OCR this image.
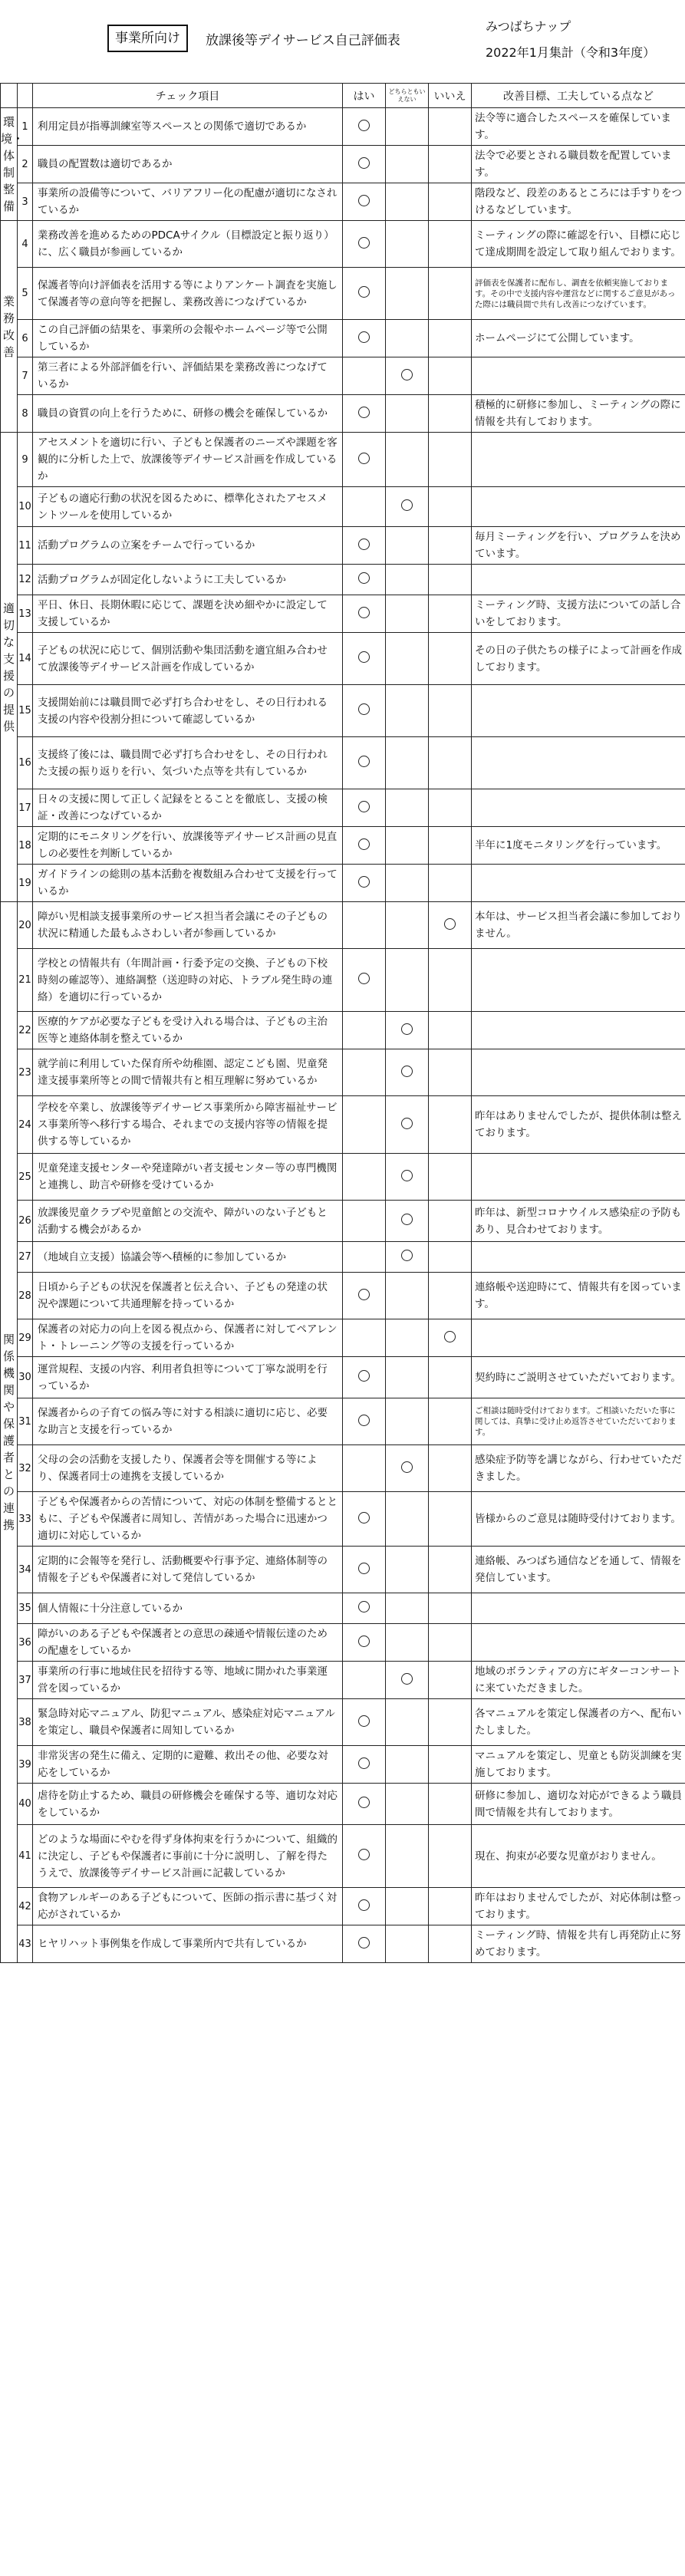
事業所向け	放課後等デイサービス自己評価表
みつばちナップ
2022年1月集計（令和3年度）
		チェック項目	はい	どちらともいえない	いいえ	改善目標、工夫している点など
環境・体制整備	1	利用定員が指導訓練室等スペースとの関係で適切であるか				法令等に適合したスペースを確保しています。
	2	職員の配置数は適切であるか				法令で必要とされる職員数を配置しています。
	3	事業所の設備等について、バリアフリー化の配慮が適切になされているか				階段など、段差のあるところには手すりをつけるなどしています。
業務改善	4	業務改善を進めるためのPDCAサイクル（目標設定と振り返り）に、広く職員が参画しているか				ミーティングの際に確認を行い、目標に応じて達成期間を設定して取り組んでおります。
	5	保護者等向け評価表を活用する等によりアンケート調査を実施して保護者等の意向等を把握し、業務改善につなげているか				評価表を保護者に配布し、調査を依頼実施しております。その中で支援内容や運営などに関するご意見があった際には職員間で共有し改善につなげています。
	6	この自己評価の結果を、事業所の会報やホームページ等で公開しているか				ホームページにて公開しています。
	7	第三者による外部評価を行い、評価結果を業務改善につなげているか				
	8	職員の資質の向上を行うために、研修の機会を確保しているか				積極的に研修に参加し、ミーティングの際に情報を共有しております。
適切な支援の提供	9	アセスメントを適切に行い、子どもと保護者のニーズや課題を客観的に分析した上で、放課後等デイサービス計画を作成しているか				
	10	子どもの適応行動の状況を図るために、標準化されたアセスメントツールを使用しているか				
	11	活動プログラムの立案をチームで行っているか				毎月ミーティングを行い、プログラムを決めています。
	12	活動プログラムが固定化しないように工夫しているか				
	13	平日、休日、長期休暇に応じて、課題を決め細やかに設定して支援しているか				ミーティング時、支援方法についての話し合いをしております。
	14	子どもの状況に応じて、個別活動や集団活動を適宜組み合わせて放課後等デイサービス計画を作成しているか				その日の子供たちの様子によって計画を作成しております。
	15	支援開始前には職員間で必ず打ち合わせをし、その日行われる支援の内容や役割分担について確認しているか				
	16	支援終了後には、職員間で必ず打ち合わせをし、その日行われた支援の振り返りを行い、気づいた点等を共有しているか				
	17	日々の支援に関して正しく記録をとることを徹底し、支援の検証・改善につなげているか				
	18	定期的にモニタリングを行い、放課後等デイサービス計画の見直しの必要性を判断しているか				半年に1度モニタリングを行っています。
	19	ガイドラインの総則の基本活動を複数組み合わせて支援を行っているか				
関係機関や保護者との連携	20	障がい児相談支援事業所のサービス担当者会議にその子どもの状況に精通した最もふさわしい者が参画しているか				本年は、サービス担当者会議に参加しておりません。
	21	学校との情報共有（年間計画・行委予定の交換、子どもの下校時刻の確認等）、連絡調整（送迎時の対応、トラブル発生時の連絡）を適切に行っているか				
	22	医療的ケアが必要な子どもを受け入れる場合は、子どもの主治医等と連絡体制を整えているか				
	23	就学前に利用していた保育所や幼稚園、認定こども園、児童発達支援事業所等との間で情報共有と相互理解に努めているか				
	24	学校を卒業し、放課後等デイサービス事業所から障害福祉サービス事業所等へ移行する場合、それまでの支援内容等の情報を提供する等しているか				昨年はありませんでしたが、提供体制は整えております。
	25	児童発達支援センターや発達障がい者支援センター等の専門機関と連携し、助言や研修を受けているか				
	26	放課後児童クラブや児童館との交流や、障がいのない子どもと活動する機会があるか				昨年は、新型コロナウイルス感染症の予防もあり、見合わせております。
	27	（地域自立支援）協議会等へ積極的に参加しているか				
	28	日頃から子どもの状況を保護者と伝え合い、子どもの発達の状況や課題について共通理解を持っているか				連絡帳や送迎時にて、情報共有を図っています。
	29	保護者の対応力の向上を図る視点から、保護者に対してペアレント・トレーニング等の支援を行っているか				
	30	運営規程、支援の内容、利用者負担等について丁寧な説明を行っているか				契約時にご説明させていただいております。
	31	保護者からの子育ての悩み等に対する相談に適切に応じ、必要な助言と支援を行っているか				ご相談は随時受付けております。ご相談いただいた事に関しては、真摯に受け止め返答させていただいております。
	32	父母の会の活動を支援したり、保護者会等を開催する等により、保護者同士の連携を支援しているか				感染症予防等を講じながら、行わせていただきました。
	33	子どもや保護者からの苦情について、対応の体制を整備するとともに、子どもや保護者に周知し、苦情があった場合に迅速かつ適切に対応しているか				皆様からのご意見は随時受付けております。
	34	定期的に会報等を発行し、活動概要や行事予定、連絡体制等の情報を子どもや保護者に対して発信しているか				連絡帳、みつばち通信などを通して、情報を発信しています。
	35	個人情報に十分注意しているか				
	36	障がいのある子どもや保護者との意思の疎通や情報伝達のための配慮をしているか				
	37	事業所の行事に地域住民を招待する等、地域に開かれた事業運営を図っているか				地域のボランティアの方にギターコンサートに来ていただきました。
	38	緊急時対応マニュアル、防犯マニュアル、感染症対応マニュアルを策定し、職員や保護者に周知しているか				各マニュアルを策定し保護者の方へ、配布いたしました。
	39	非常災害の発生に備え、定期的に避難、救出その他、必要な対応をしているか				マニュアルを策定し、児童とも防災訓練を実施しております。
	40	虐待を防止するため、職員の研修機会を確保する等、適切な対応をしているか				研修に参加し、適切な対応ができるよう職員間で情報を共有しております。
	41	どのような場面にやむを得ず身体拘束を行うかについて、組織的に決定し、子どもや保護者に事前に十分に説明し、了解を得たうえで、放課後等デイサービス計画に記載しているか				現在、拘束が必要な児童がおりません。
	42	食物アレルギーのある子どもについて、医師の指示書に基づく対応がされているか				昨年はおりませんでしたが、対応体制は整っております。
	43	ヒヤリハット事例集を作成して事業所内で共有しているか				ミーティング時、情報を共有し再発防止に努めております。
